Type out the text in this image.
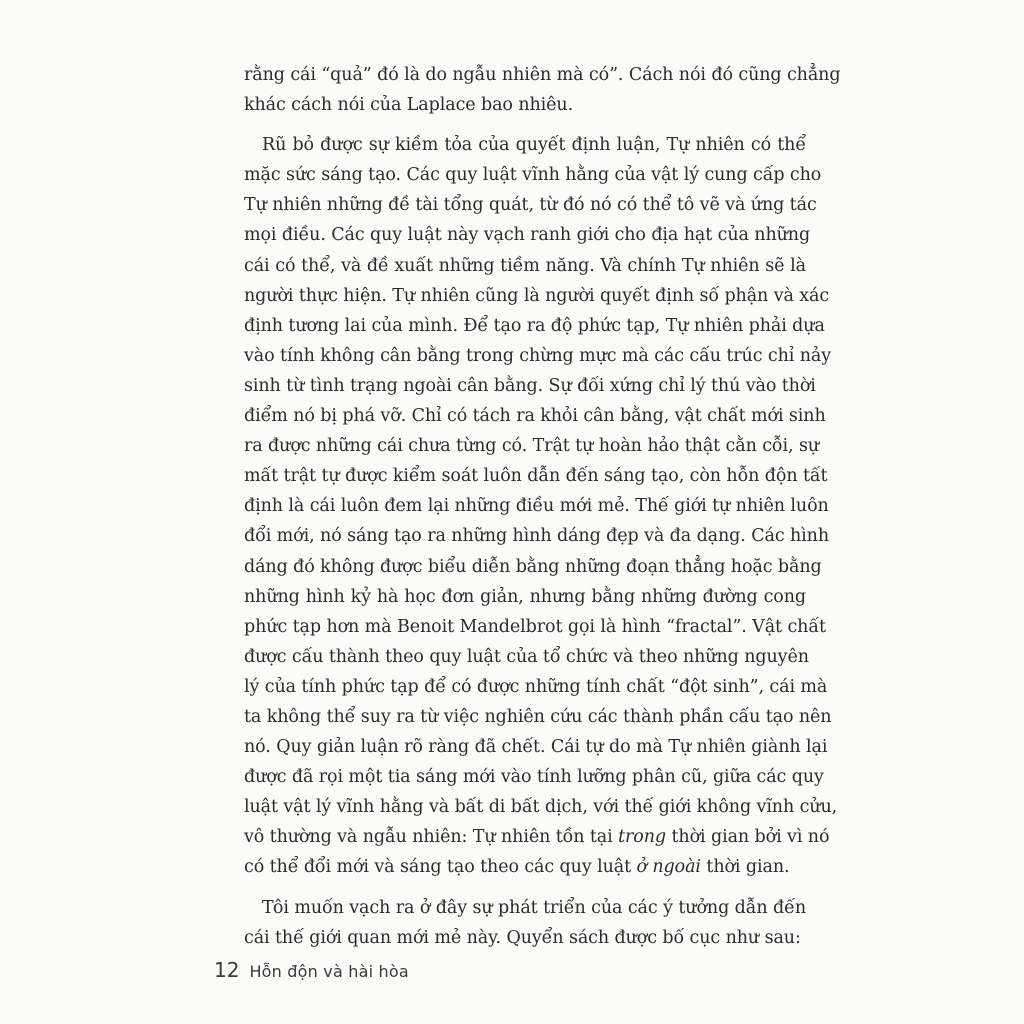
rằng cái “quả” đó là do ngẫu nhiên mà có”. Cách nói đó cũng chẳng
khác cách nói của Laplace bao nhiêu.
Rũ bỏ được sự kiềm tỏa của quyết định luận, Tự nhiên có thể
mặc sức sáng tạo. Các quy luật vĩnh hằng của vật lý cung cấp cho
Tự nhiên những đề tài tổng quát, từ đó nó có thể tô vẽ và ứng tác
mọi điều. Các quy luật này vạch ranh giới cho địa hạt của những
cái có thể, và đề xuất những tiềm năng. Và chính Tự nhiên sẽ là
người thực hiện. Tự nhiên cũng là người quyết định số phận và xác
định tương lai của mình. Để tạo ra độ phức tạp, Tự nhiên phải dựa
vào tính không cân bằng trong chừng mực mà các cấu trúc chỉ nảy
sinh từ tình trạng ngoài cân bằng. Sự đối xứng chỉ lý thú vào thời
điểm nó bị phá vỡ. Chỉ có tách ra khỏi cân bằng, vật chất mới sinh
ra được những cái chưa từng có. Trật tự hoàn hảo thật cằn cỗi, sự
mất trật tự được kiểm soát luôn dẫn đến sáng tạo, còn hỗn độn tất
định là cái luôn đem lại những điều mới mẻ. Thế giới tự nhiên luôn
đổi mới, nó sáng tạo ra những hình dáng đẹp và đa dạng. Các hình
dáng đó không được biểu diễn bằng những đoạn thẳng hoặc bằng
những hình kỷ hà học đơn giản, nhưng bằng những đường cong
phức tạp hơn mà Benoit Mandelbrot gọi là hình “fractal”. Vật chất
được cấu thành theo quy luật của tổ chức và theo những nguyên
lý của tính phức tạp để có được những tính chất “đột sinh”, cái mà
ta không thể suy ra từ việc nghiên cứu các thành phần cấu tạo nên
nó. Quy giản luận rõ ràng đã chết. Cái tự do mà Tự nhiên giành lại
được đã rọi một tia sáng mới vào tính lưỡng phân cũ, giữa các quy
luật vật lý vĩnh hằng và bất di bất dịch, với thế giới không vĩnh cửu,
vô thường và ngẫu nhiên: Tự nhiên tồn tại trong thời gian bởi vì nó
có thể đổi mới và sáng tạo theo các quy luật ở ngoài thời gian.
Tôi muốn vạch ra ở đây sự phát triển của các ý tưởng dẫn đến
cái thế giới quan mới mẻ này. Quyển sách được bố cục như sau:
12 Hỗn độn và hài hòa
